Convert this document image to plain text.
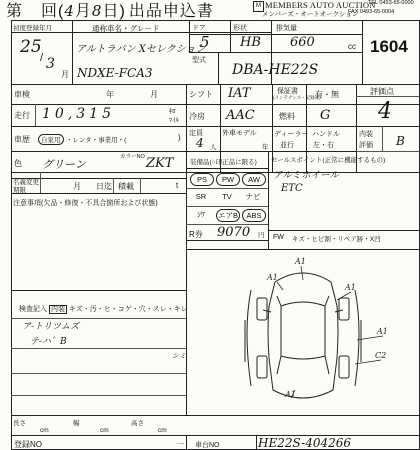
第 回(4月8日) 出品申込書	M MEMBERS AUTO AUCTION
メンバーズ・オートオークション
TEL 0493-65-0000
FAX 0493-65-0004
初度登録年月
25
/ 3
月
通称車名・グレード
アルトラパン Xセレクション
NDXE-FCA3
ドア
5
形状
HB
排気量
660	cc 1604
型式
DBA-HE22S
車検	年	月	シフト IAT	保証書
(メンテナンス・記録簿)
有・無	評価点
4
走行 10,315	ｷﾛ
ﾏｲﾙ 冷房 AAC	燃料 G
車歴	自家用 ・レンタ・事業用・(	) 定員
4 人
外車モデル
年
ディーラー
並行
ハンドル
左・右
内装
評価 B
色 グリーン
カラーNO ZKT
名義変更
期限	月 日迄 積載	t
注意事項(欠品・修復・不具合箇所および状態)
装備品(○印正品に限る)
PS	PW	AW
SR	TV	ナビ
ｼﾜ	エアB	ABS
R券 9070 円
セールスポイント(正常に機能するもの)
アルミホイール
ETC
FW キズ・ヒビ割・リペア跡・X凹
A1
A1
A1
A1
C2
A1
検査記入 内装 キズ・汚・ヒ・コゲ・穴・スレ・キレ
ア-トリツムズ
テ-ハ゛B
シミ
長さ
cm
幅
cm
高さ
cm
登録NO	一 車台NO	HE22S-404266
